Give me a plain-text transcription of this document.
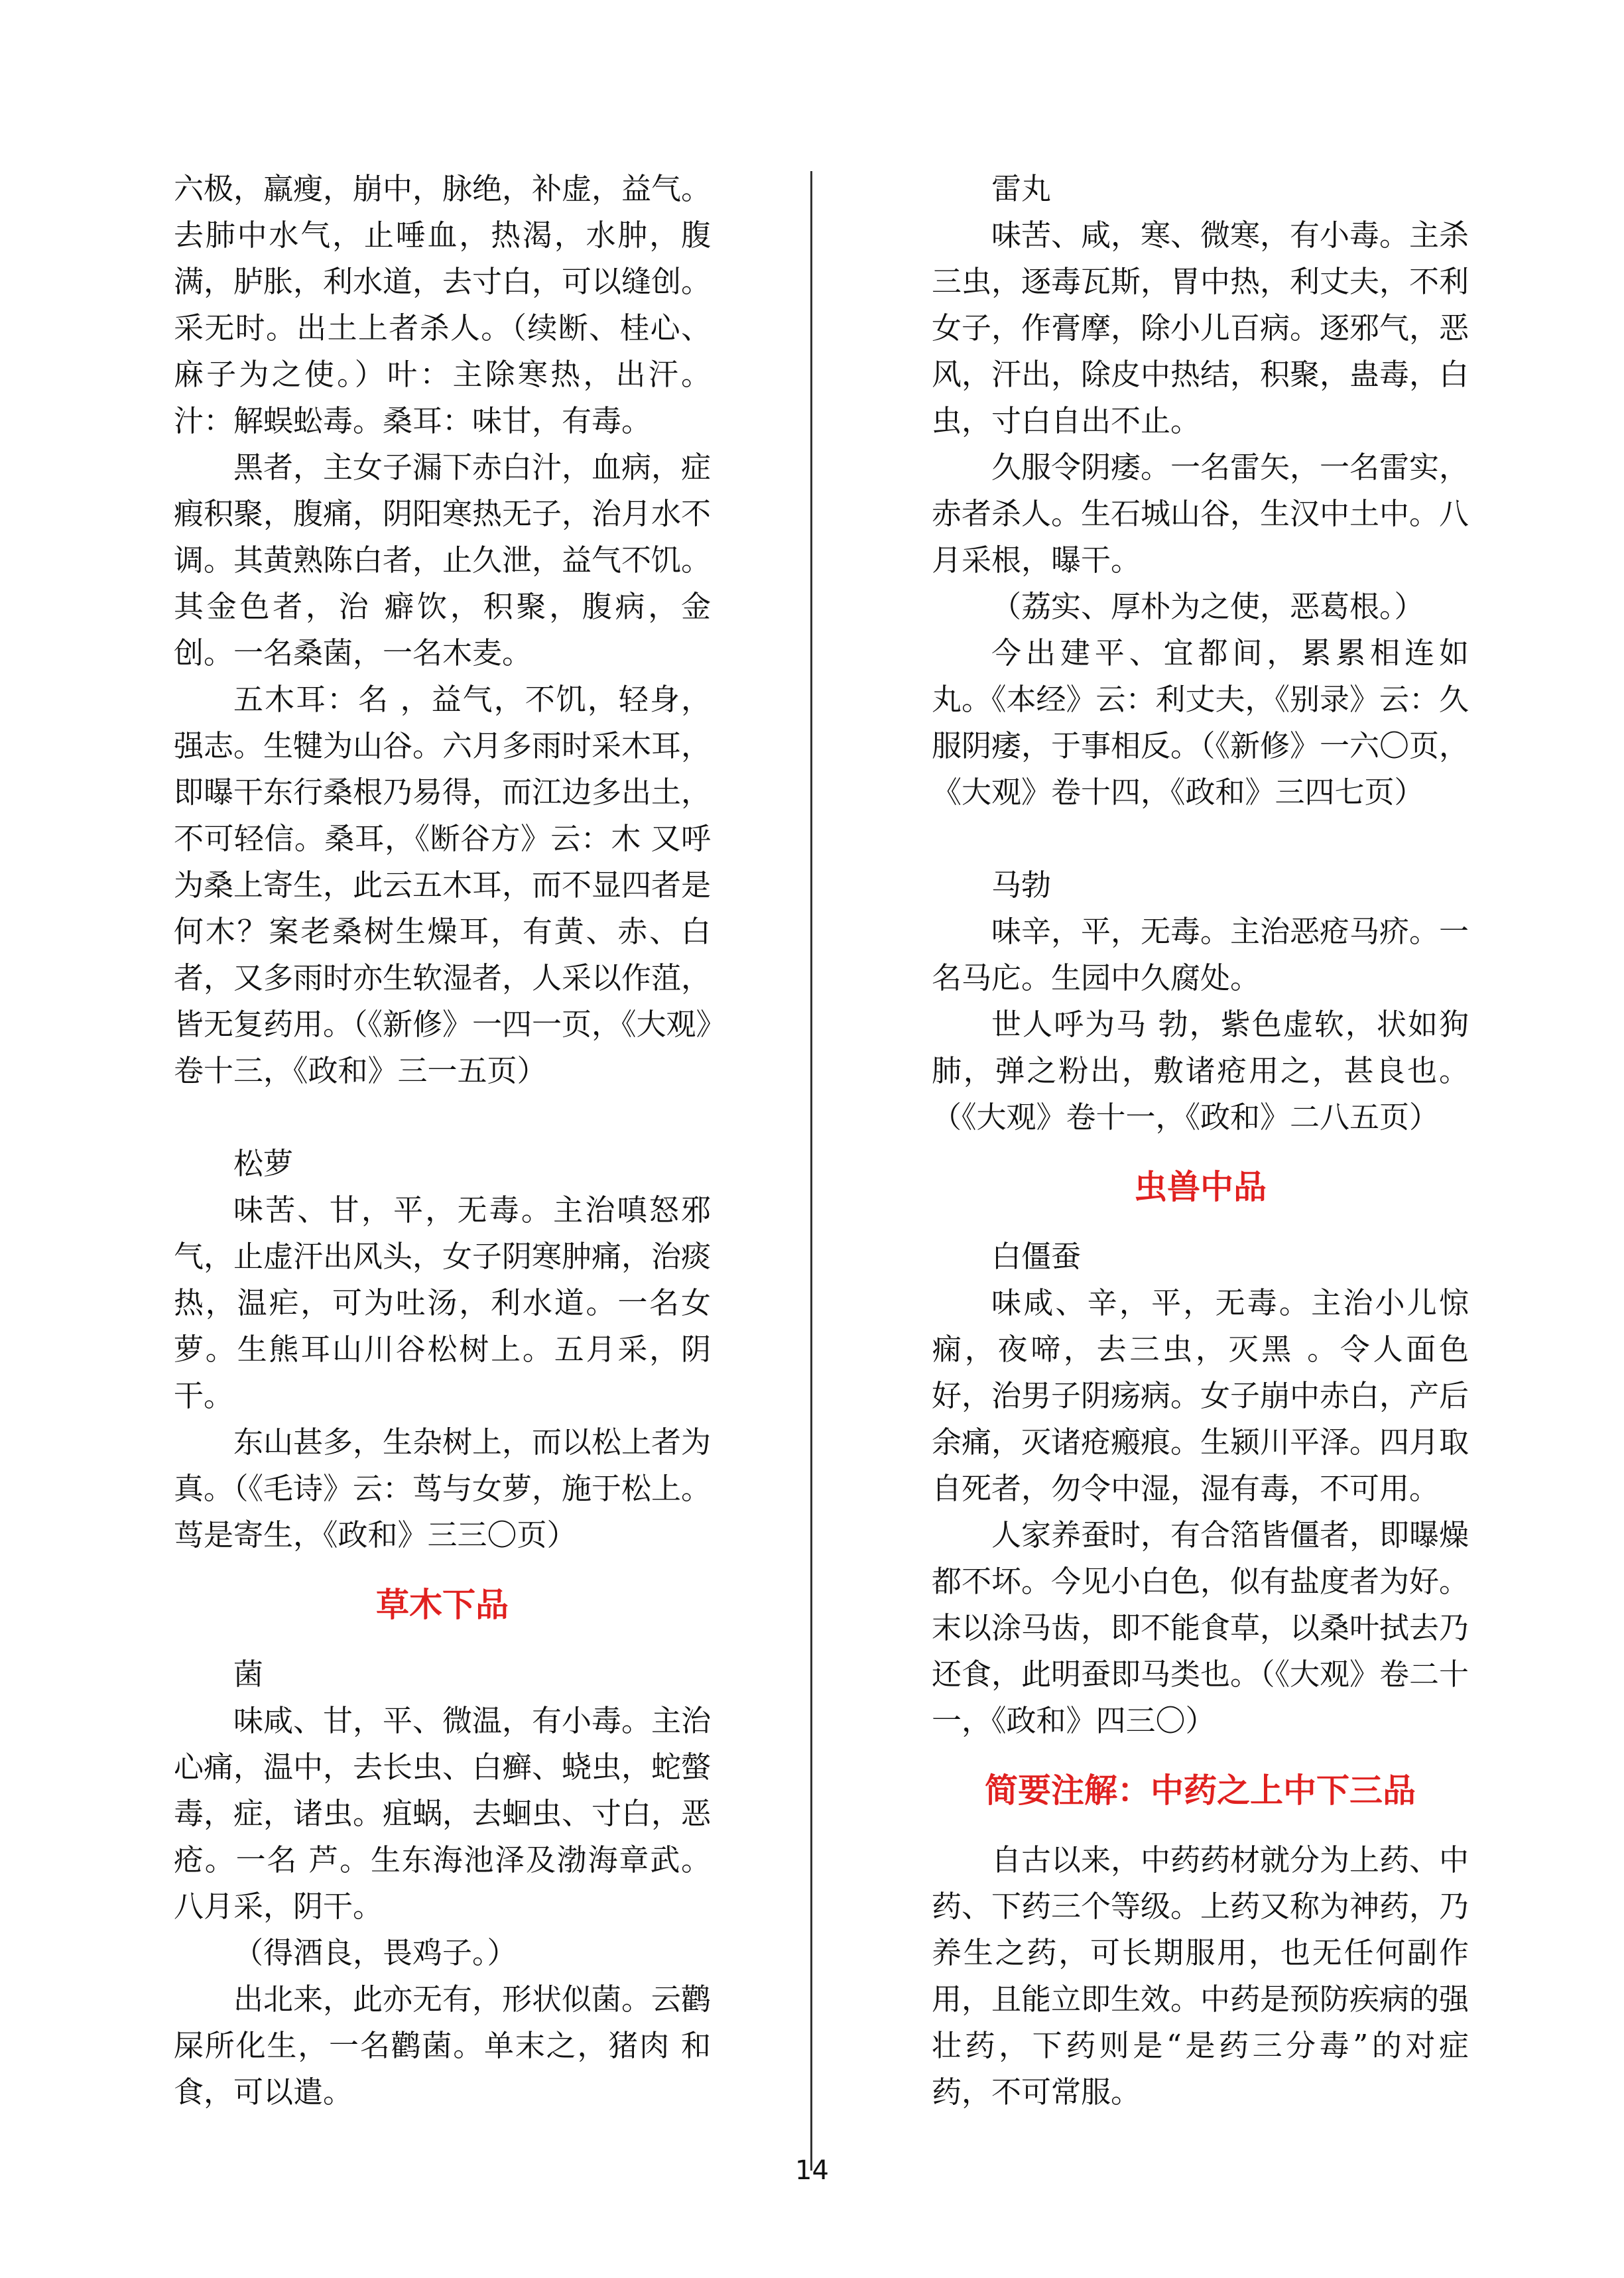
六极，羸瘦，崩中，脉绝，补虚，益气。去肺中水气，止唾血，热渴，水肿，腹满，胪胀，利水道，去寸白，可以缝创。采无时。出土上者杀人。（续断、桂心、麻子为之使。）叶：主除寒热，出汗。汁：解蜈蚣毒。桑耳：味甘，有毒。

黑者，主女子漏下赤白汁，血病，症瘕积聚，腹痛，阴阳寒热无子，治月水不调。其黄熟陈白者，止久泄，益气不饥。其金色者，治 癖饮，积聚，腹病，金创。一名桑菌，一名木麦。

五木耳：名 ，益气，不饥，轻身，强志。生犍为山谷。六月多雨时采木耳，即曝干东行桑根乃易得，而江边多出土，不可轻信。桑耳，《断谷方》云：木 又呼为桑上寄生，此云五木耳，而不显四者是何木？案老桑树生燥耳，有黄、赤、白者，又多雨时亦生软湿者，人采以作菹，皆无复药用。（《新修》一四一页，《大观》卷十三，《政和》三一五页）

松萝

味苦、甘，平，无毒。主治嗔怒邪气，止虚汗出风头，女子阴寒肿痛，治痰热，温疟，可为吐汤，利水道。一名女萝。生熊耳山川谷松树上。五月采，阴干。

东山甚多，生杂树上，而以松上者为真。（《毛诗》云：茑与女萝，施于松上。茑是寄生，《政和》三三〇页）

草木下品

菌

味咸、甘，平、微温，有小毒。主治心痛，温中，去长虫、白癣、蛲虫，蛇螫毒，症，诸虫。疽蜗，去蛔虫、寸白，恶疮。一名 芦。生东海池泽及渤海章武。八月采，阴干。

（得酒良，畏鸡子。）

出北来，此亦无有，形状似菌。云鹳屎所化生，一名鹳菌。单末之，猪肉 和食，可以遣。

雷丸

味苦、咸，寒、微寒，有小毒。主杀三虫，逐毒瓦斯，胃中热，利丈夫，不利女子，作膏摩，除小儿百病。逐邪气，恶风，汗出，除皮中热结，积聚，蛊毒，白虫，寸白自出不止。

久服令阴痿。一名雷矢，一名雷实，赤者杀人。生石城山谷，生汉中土中。八月采根，曝干。

（荔实、厚朴为之使，恶葛根。）

今出建平、宜都间，累累相连如丸。《本经》云：利丈夫，《别录》云：久服阴痿，于事相反。（《新修》一六〇页，《大观》卷十四，《政和》三四七页）

马勃

味辛，平，无毒。主治恶疮马疥。一名马庀。生园中久腐处。

世人呼为马 勃，紫色虚软，状如狗肺，弹之粉出，敷诸疮用之，甚良也。（《大观》卷十一，《政和》二八五页）

虫兽中品

白僵蚕

味咸、辛，平，无毒。主治小儿惊痫，夜啼，去三虫，灭黑 。令人面色好，治男子阴疡病。女子崩中赤白，产后余痛，灭诸疮瘢痕。生颍川平泽。四月取自死者，勿令中湿，湿有毒，不可用。

人家养蚕时，有合箔皆僵者，即曝燥都不坏。今见小白色，似有盐度者为好。末以涂马齿，即不能食草，以桑叶拭去乃还食，此明蚕即马类也。（《大观》卷二十一，《政和》四三〇）

简要注解：中药之上中下三品

自古以来，中药药材就分为上药、中药、下药三个等级。上药又称为神药，乃养生之药，可长期服用，也无任何副作用，且能立即生效。中药是预防疾病的强壮药，下药则是“是药三分毒”的对症药，不可常服。

14
